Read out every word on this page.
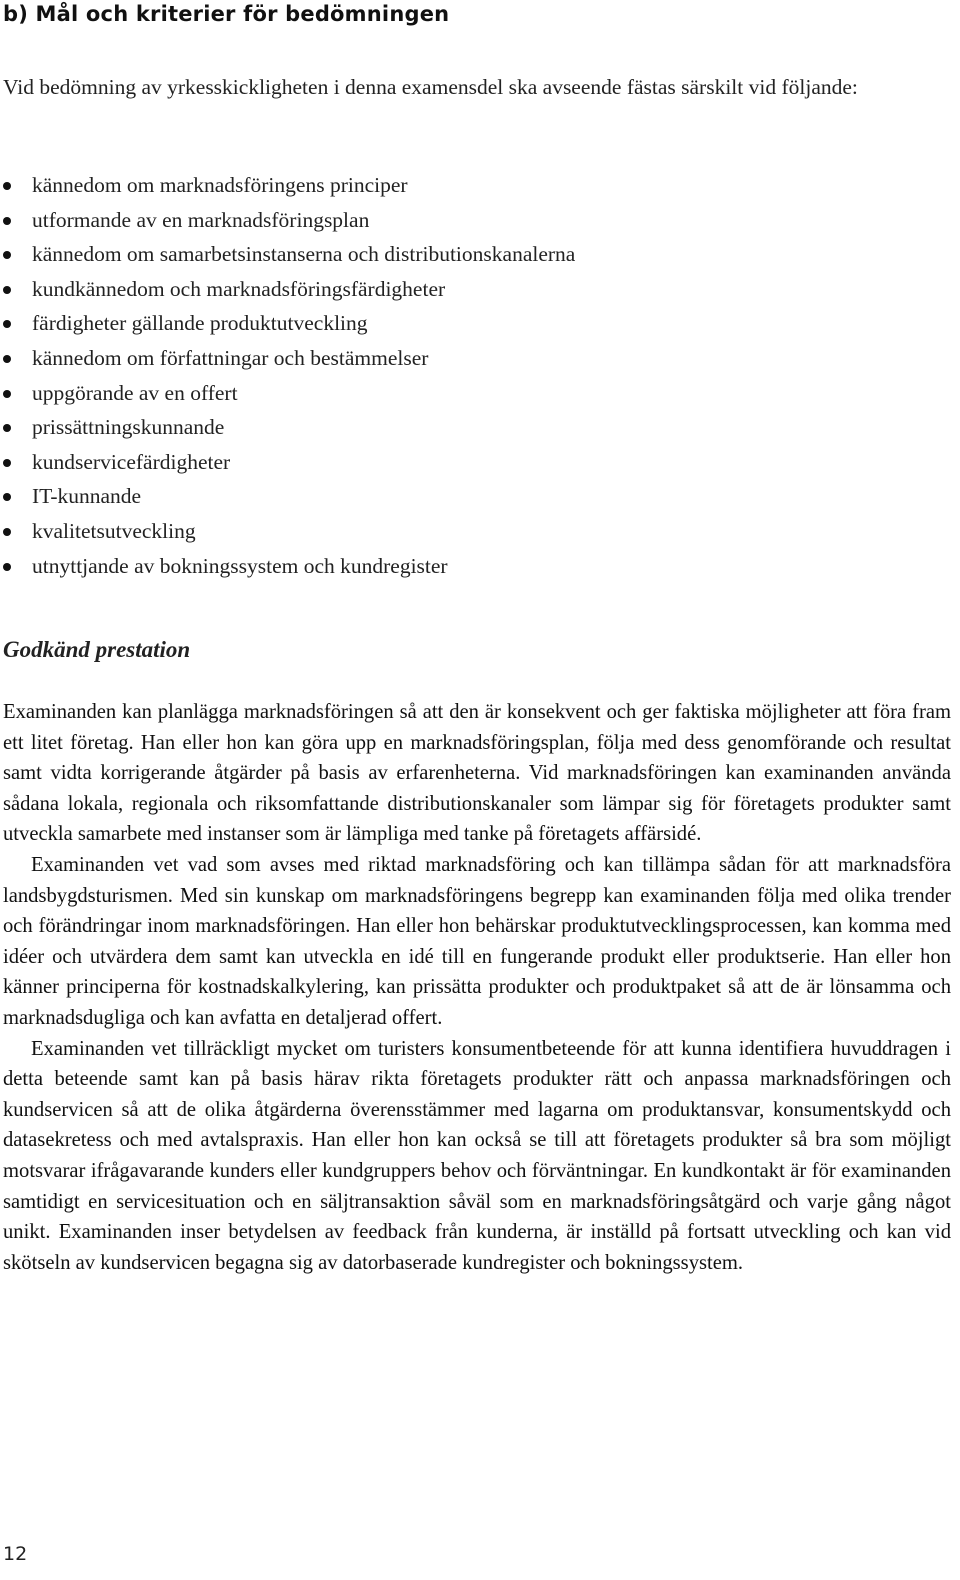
b) Mål och kriterier för bedömningen

Vid bedömning av yrkesskickligheten i denna examensdel ska avseende fästas särskilt vid följande:

kännedom om marknadsföringens principer
utformande av en marknadsföringsplan
kännedom om samarbetsinstanserna och distributionskanalerna
kundkännedom och marknadsföringsfärdigheter
färdigheter gällande produktutveckling
kännedom om författningar och bestämmelser
uppgörande av en offert
prissättningskunnande
kundservicefärdigheter
IT-kunnande
kvalitetsutveckling
utnyttjande av bokningssystem och kundregister
Godkänd prestation

Examinanden kan planlägga marknadsföringen så att den är konsekvent och ger faktiska möjligheter att föra fram ett litet företag. Han eller hon kan göra upp en marknadsföringsplan, följa med dess genomförande och resultat samt vidta korrigerande åtgärder på basis av erfarenheterna. Vid marknadsföringen kan examinanden använda sådana lokala, regionala och riksomfattande distributionskanaler som lämpar sig för företagets produkter samt utveckla samarbete med instanser som är lämpliga med tanke på företagets affärsidé.

Examinanden vet vad som avses med riktad marknadsföring och kan tillämpa sådan för att marknadsföra landsbygdsturismen. Med sin kunskap om marknadsföringens begrepp kan examinanden följa med olika trender och förändringar inom marknadsföringen. Han eller hon behärskar produktutvecklingsprocessen, kan komma med idéer och utvärdera dem samt kan utveckla en idé till en fungerande produkt eller produktserie. Han eller hon känner principerna för kostnadskalkylering, kan prissätta produkter och produktpaket så att de är lönsamma och marknadsdugliga och kan avfatta en detaljerad offert.

Examinanden vet tillräckligt mycket om turisters konsumentbeteende för att kunna identifiera huvuddragen i detta beteende samt kan på basis härav rikta företagets produkter rätt och anpassa marknadsföringen och kundservicen så att de olika åtgärderna överensstämmer med lagarna om produktansvar, konsumentskydd och datasekretess och med avtalspraxis. Han eller hon kan också se till att företagets produkter så bra som möjligt motsvarar ifrågavarande kunders eller kundgruppers behov och förväntningar. En kundkontakt är för examinanden samtidigt en servicesituation och en säljtransaktion såväl som en marknadsföringsåtgärd och varje gång något unikt. Examinanden inser betydelsen av feedback från kunderna, är inställd på fortsatt utveckling och kan vid skötseln av kundservicen begagna sig av datorbaserade kundregister och bokningssystem.

12
